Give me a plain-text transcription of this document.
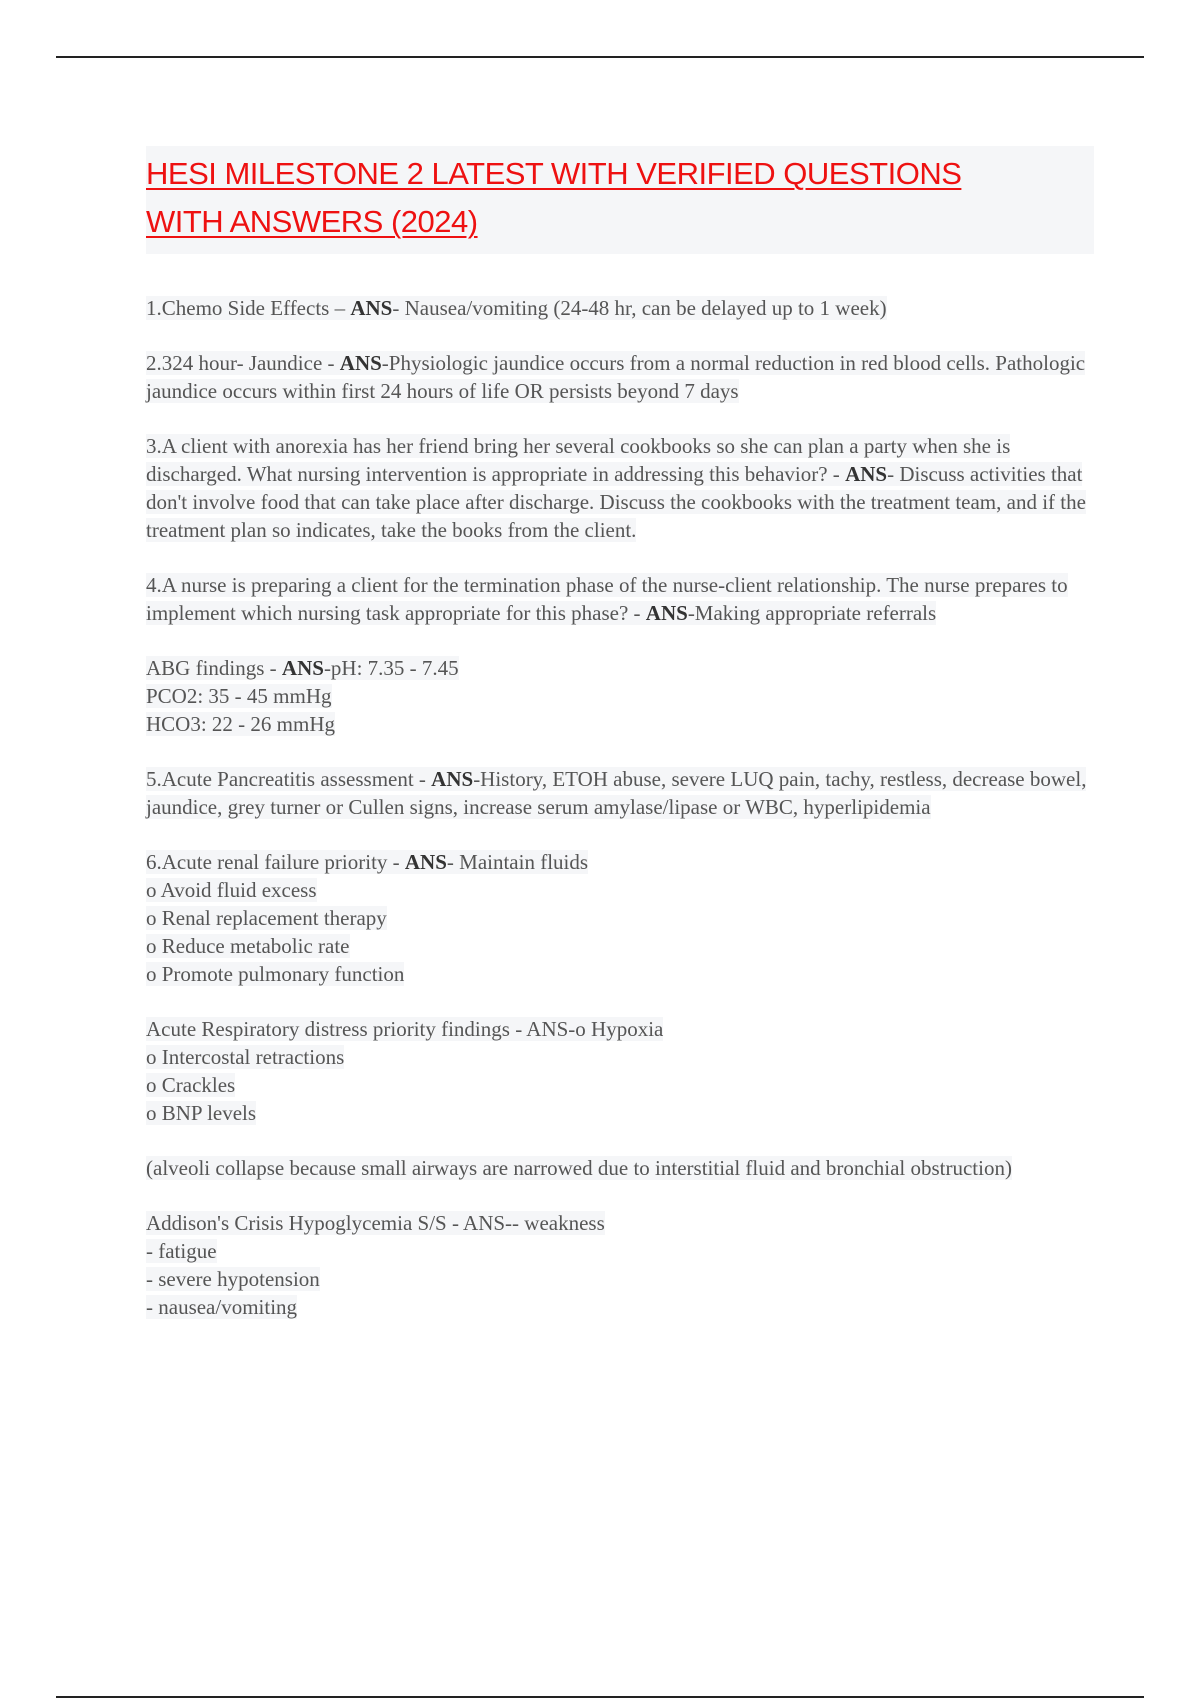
HESI MILESTONE 2 LATEST WITH VERIFIED QUESTIONS
WITH ANSWERS (2024)

1.Chemo Side Effects – ANS- Nausea/vomiting (24-48 hr, can be delayed up to 1 week)

2.324 hour- Jaundice - ANS-Physiologic jaundice occurs from a normal reduction in red blood cells. Pathologic jaundice occurs within first 24 hours of life OR persists beyond 7 days

3.A client with anorexia has her friend bring her several cookbooks so she can plan a party when she is discharged. What nursing intervention is appropriate in addressing this behavior? - ANS- Discuss activities that don't involve food that can take place after discharge. Discuss the cookbooks with the treatment team, and if the treatment plan so indicates, take the books from the client.

4.A nurse is preparing a client for the termination phase of the nurse-client relationship. The nurse prepares to implement which nursing task appropriate for this phase? - ANS-Making appropriate referrals

ABG findings - ANS-pH: 7.35 - 7.45
PCO2: 35 - 45 mmHg
HCO3: 22 - 26 mmHg

5.Acute Pancreatitis assessment - ANS-History, ETOH abuse, severe LUQ pain, tachy, restless, decrease bowel, jaundice, grey turner or Cullen signs, increase serum amylase/lipase or WBC, hyperlipidemia

6.Acute renal failure priority - ANS- Maintain fluids
o Avoid fluid excess
o Renal replacement therapy
o Reduce metabolic rate
o Promote pulmonary function

Acute Respiratory distress priority findings - ANS-o Hypoxia
o Intercostal retractions
o Crackles
o BNP levels

(alveoli collapse because small airways are narrowed due to interstitial fluid and bronchial obstruction)

Addison's Crisis Hypoglycemia S/S - ANS-- weakness
- fatigue
- severe hypotension
- nausea/vomiting
